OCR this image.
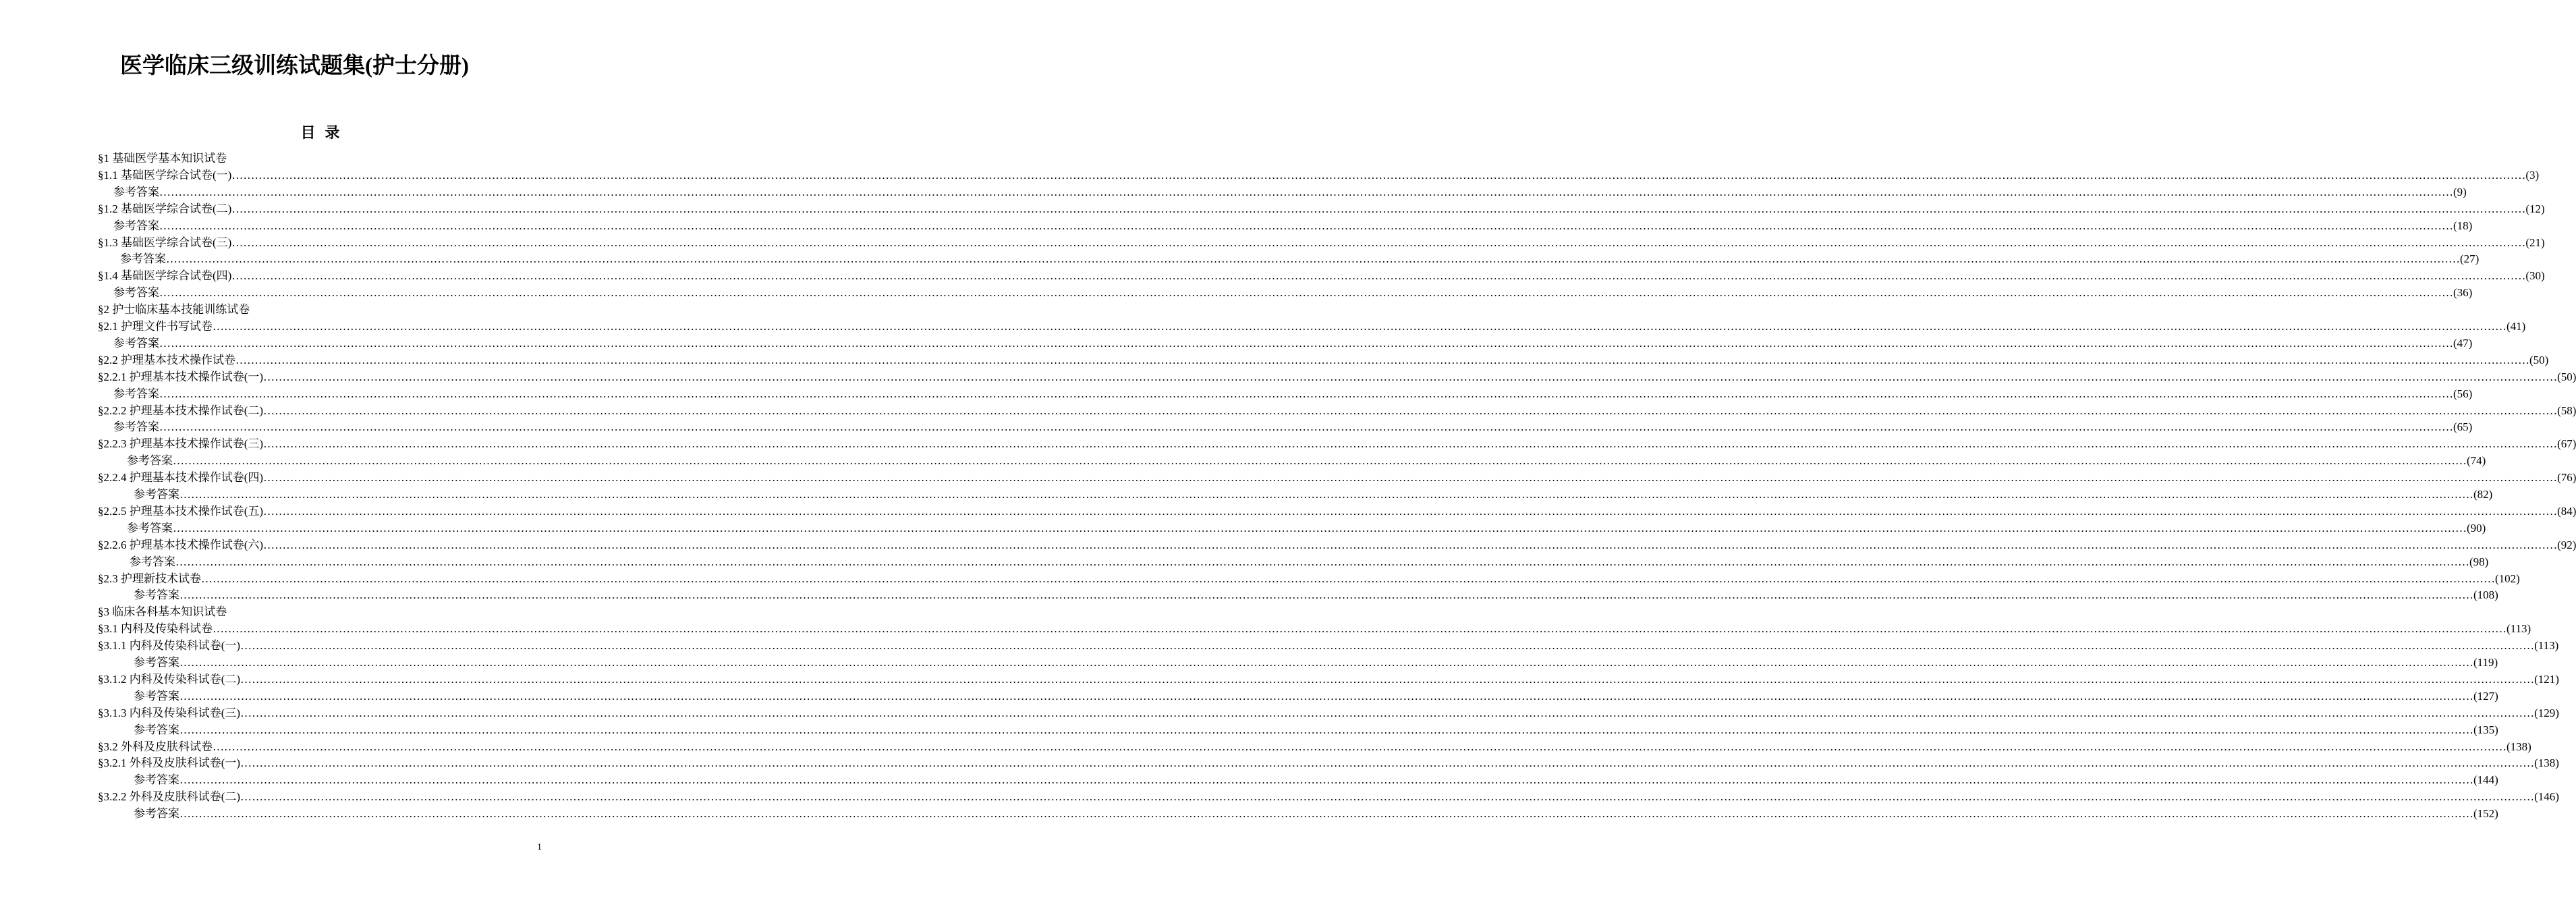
医学临床三级训练试题集(护士分册)
目  录
§1 基础医学基本知识试卷
§1.1 基础医学综合试卷(一) …………………………………………………………………………………………………………………………………………………………………………………………………………………………………………………………………………………………………………………………………………………………………………………………………………………………………………………………………………………………………………………………………………………… (3)
参考答案 …………………………………………………………………………………………………………………………………………………………………………………………………………………………………………………………………………………………………………………………………………………………………………………………………………………………………………………………………………………………………………………………………………………… (9)
§1.2 基础医学综合试卷(二) …………………………………………………………………………………………………………………………………………………………………………………………………………………………………………………………………………………………………………………………………………………………………………………………………………………………………………………………………………………………………………………………………………………… (12)
参考答案 …………………………………………………………………………………………………………………………………………………………………………………………………………………………………………………………………………………………………………………………………………………………………………………………………………………………………………………………………………………………………………………………………………………… (18)
§1.3 基础医学综合试卷(三) …………………………………………………………………………………………………………………………………………………………………………………………………………………………………………………………………………………………………………………………………………………………………………………………………………………………………………………………………………………………………………………………………………………… (21)
参考答案 …………………………………………………………………………………………………………………………………………………………………………………………………………………………………………………………………………………………………………………………………………………………………………………………………………………………………………………………………………………………………………………………………………………… (27)
§1.4 基础医学综合试卷(四) …………………………………………………………………………………………………………………………………………………………………………………………………………………………………………………………………………………………………………………………………………………………………………………………………………………………………………………………………………………………………………………………………………………… (30)
参考答案 …………………………………………………………………………………………………………………………………………………………………………………………………………………………………………………………………………………………………………………………………………………………………………………………………………………………………………………………………………………………………………………………………………………… (36)
§2 护士临床基本技能训练试卷
§2.1 护理文件书写试卷 …………………………………………………………………………………………………………………………………………………………………………………………………………………………………………………………………………………………………………………………………………………………………………………………………………………………………………………………………………………………………………………………………………………… (41)
参考答案 …………………………………………………………………………………………………………………………………………………………………………………………………………………………………………………………………………………………………………………………………………………………………………………………………………………………………………………………………………………………………………………………………………………… (47)
§2.2 护理基本技术操作试卷 …………………………………………………………………………………………………………………………………………………………………………………………………………………………………………………………………………………………………………………………………………………………………………………………………………………………………………………………………………………………………………………………………………………… (50)
§2.2.1 护理基本技术操作试卷(一) …………………………………………………………………………………………………………………………………………………………………………………………………………………………………………………………………………………………………………………………………………………………………………………………………………………………………………………………………………………………………………………………………………………… (50)
参考答案 …………………………………………………………………………………………………………………………………………………………………………………………………………………………………………………………………………………………………………………………………………………………………………………………………………………………………………………………………………………………………………………………………………………… (56)
§2.2.2 护理基本技术操作试卷(二) …………………………………………………………………………………………………………………………………………………………………………………………………………………………………………………………………………………………………………………………………………………………………………………………………………………………………………………………………………………………………………………………………………………… (58)
参考答案 …………………………………………………………………………………………………………………………………………………………………………………………………………………………………………………………………………………………………………………………………………………………………………………………………………………………………………………………………………………………………………………………………………………… (65)
§2.2.3 护理基本技术操作试卷(三) …………………………………………………………………………………………………………………………………………………………………………………………………………………………………………………………………………………………………………………………………………………………………………………………………………………………………………………………………………………………………………………………………………………… (67)
参考答案 …………………………………………………………………………………………………………………………………………………………………………………………………………………………………………………………………………………………………………………………………………………………………………………………………………………………………………………………………………………………………………………………………………………… (74)
§2.2.4 护理基本技术操作试卷(四) …………………………………………………………………………………………………………………………………………………………………………………………………………………………………………………………………………………………………………………………………………………………………………………………………………………………………………………………………………………………………………………………………………………… (76)
参考答案 …………………………………………………………………………………………………………………………………………………………………………………………………………………………………………………………………………………………………………………………………………………………………………………………………………………………………………………………………………………………………………………………………………………… (82)
§2.2.5 护理基本技术操作试卷(五) …………………………………………………………………………………………………………………………………………………………………………………………………………………………………………………………………………………………………………………………………………………………………………………………………………………………………………………………………………………………………………………………………………………… (84)
参考答案 …………………………………………………………………………………………………………………………………………………………………………………………………………………………………………………………………………………………………………………………………………………………………………………………………………………………………………………………………………………………………………………………………………………… (90)
§2.2.6 护理基本技术操作试卷(六) …………………………………………………………………………………………………………………………………………………………………………………………………………………………………………………………………………………………………………………………………………………………………………………………………………………………………………………………………………………………………………………………………………………… (92)
参考答案 …………………………………………………………………………………………………………………………………………………………………………………………………………………………………………………………………………………………………………………………………………………………………………………………………………………………………………………………………………………………………………………………………………………… (98)
§2.3 护理新技术试卷 …………………………………………………………………………………………………………………………………………………………………………………………………………………………………………………………………………………………………………………………………………………………………………………………………………………………………………………………………………………………………………………………………………………… (102)
参考答案 …………………………………………………………………………………………………………………………………………………………………………………………………………………………………………………………………………………………………………………………………………………………………………………………………………………………………………………………………………………………………………………………………………………… (108)
§3 临床各科基本知识试卷
§3.1 内科及传染科试卷 …………………………………………………………………………………………………………………………………………………………………………………………………………………………………………………………………………………………………………………………………………………………………………………………………………………………………………………………………………………………………………………………………………………… (113)
§3.1.1 内科及传染科试卷(一) …………………………………………………………………………………………………………………………………………………………………………………………………………………………………………………………………………………………………………………………………………………………………………………………………………………………………………………………………………………………………………………………………………………… (113)
参考答案 …………………………………………………………………………………………………………………………………………………………………………………………………………………………………………………………………………………………………………………………………………………………………………………………………………………………………………………………………………………………………………………………………………………… (119)
§3.1.2 内科及传染科试卷(二) …………………………………………………………………………………………………………………………………………………………………………………………………………………………………………………………………………………………………………………………………………………………………………………………………………………………………………………………………………………………………………………………………………………… (121)
参考答案 …………………………………………………………………………………………………………………………………………………………………………………………………………………………………………………………………………………………………………………………………………………………………………………………………………………………………………………………………………………………………………………………………………………… (127)
§3.1.3 内科及传染科试卷(三) …………………………………………………………………………………………………………………………………………………………………………………………………………………………………………………………………………………………………………………………………………………………………………………………………………………………………………………………………………………………………………………………………………………… (129)
参考答案 …………………………………………………………………………………………………………………………………………………………………………………………………………………………………………………………………………………………………………………………………………………………………………………………………………………………………………………………………………………………………………………………………………………… (135)
§3.2 外科及皮肤科试卷 …………………………………………………………………………………………………………………………………………………………………………………………………………………………………………………………………………………………………………………………………………………………………………………………………………………………………………………………………………………………………………………………………………………… (138)
§3.2.1 外科及皮肤科试卷(一) …………………………………………………………………………………………………………………………………………………………………………………………………………………………………………………………………………………………………………………………………………………………………………………………………………………………………………………………………………………………………………………………………………………… (138)
参考答案 …………………………………………………………………………………………………………………………………………………………………………………………………………………………………………………………………………………………………………………………………………………………………………………………………………………………………………………………………………………………………………………………………………………… (144)
§3.2.2 外科及皮肤科试卷(二) …………………………………………………………………………………………………………………………………………………………………………………………………………………………………………………………………………………………………………………………………………………………………………………………………………………………………………………………………………………………………………………………………………………… (146)
参考答案 …………………………………………………………………………………………………………………………………………………………………………………………………………………………………………………………………………………………………………………………………………………………………………………………………………………………………………………………………………………………………………………………………………………… (152)
1
